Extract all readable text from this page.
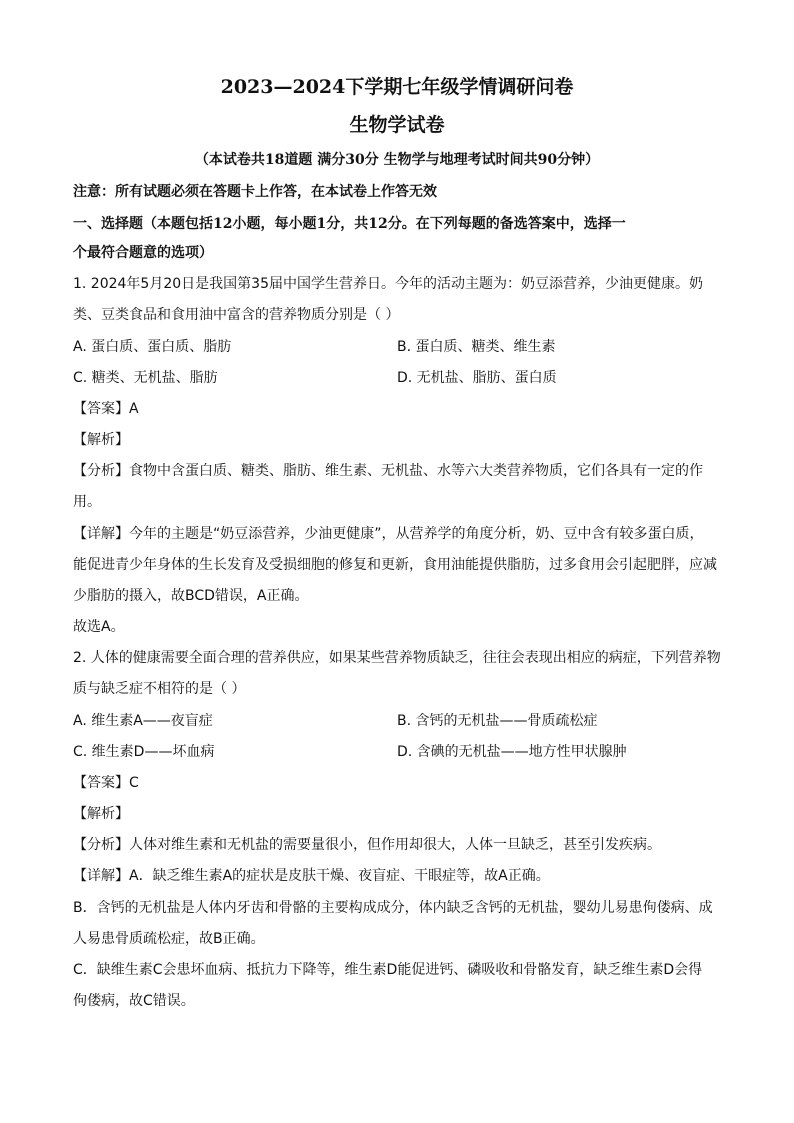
2023—2024下学期七年级学情调研问卷
生物学试卷
（本试卷共18道题 满分30分 生物学与地理考试时间共90分钟）
注意：所有试题必须在答题卡上作答，在本试卷上作答无效
一、选择题（本题包括12小题，每小题1分，共12分。在下列每题的备选答案中，选择一
个最符合题意的选项）
1. 2024年5月20日是我国第35届中国学生营养日。今年的活动主题为：奶豆添营养，少油更健康。奶
类、豆类食品和食用油中富含的营养物质分别是（ ）
A. 蛋白质、蛋白质、脂肪	B. 蛋白质、糖类、维生素
C. 糖类、无机盐、脂肪	D. 无机盐、脂肪、蛋白质
【答案】A
【解析】
【分析】食物中含蛋白质、糖类、脂肪、维生素、无机盐、水等六大类营养物质，它们各具有一定的作
用。
【详解】今年的主题是“奶豆添营养，少油更健康”，从营养学的角度分析，奶、豆中含有较多蛋白质，
能促进青少年身体的生长发育及受损细胞的修复和更新，食用油能提供脂肪，过多食用会引起肥胖，应减
少脂肪的摄入，故BCD错误，A正确。
故选A。
2. 人体的健康需要全面合理的营养供应，如果某些营养物质缺乏，往往会表现出相应的病症，下列营养物
质与缺乏症不相符的是（ ）
A. 维生素A——夜盲症	B. 含钙的无机盐——骨质疏松症
C. 维生素D——坏血病	D. 含碘的无机盐——地方性甲状腺肿
【答案】C
【解析】
【分析】人体对维生素和无机盐的需要量很小，但作用却很大，人体一旦缺乏，甚至引发疾病。
【详解】A．缺乏维生素A的症状是皮肤干燥、夜盲症、干眼症等，故A正确。
B．含钙的无机盐是人体内牙齿和骨骼的主要构成成分，体内缺乏含钙的无机盐，婴幼儿易患佝偻病、成
人易患骨质疏松症，故B正确。
C．缺维生素C会患坏血病、抵抗力下降等，维生素D能促进钙、磷吸收和骨骼发育，缺乏维生素D会得
佝偻病，故C错误。
